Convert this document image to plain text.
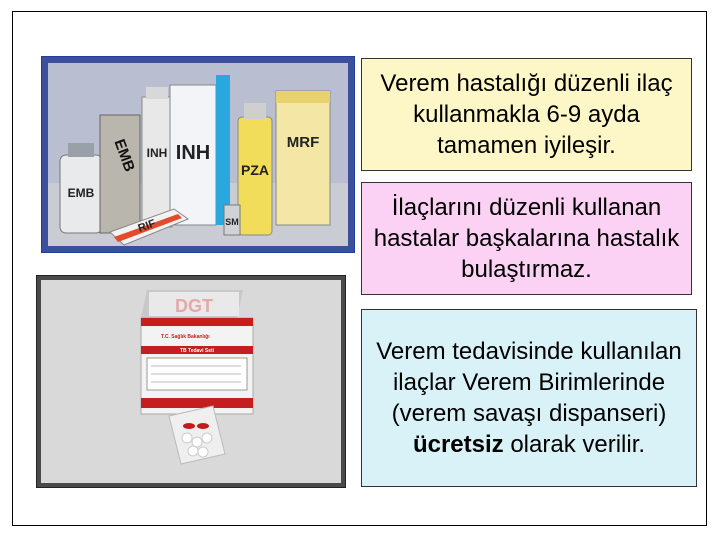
EMB
EMB INH INH
PZA
MRF
RIF	SM
DGT
T.C. Sağlık Bakanlığı
TB Tedavi Seti
Verem hastalığı düzenli ilaç kullanmakla 6-9 ayda tamamen iyileşir.
İlaçlarını düzenli kullanan hastalar başkalarına hastalık bulaştırmaz.
Verem tedavisinde kullanılan ilaçlar Verem Birimlerinde (verem savaşı dispanseri) ücretsiz olarak verilir.
